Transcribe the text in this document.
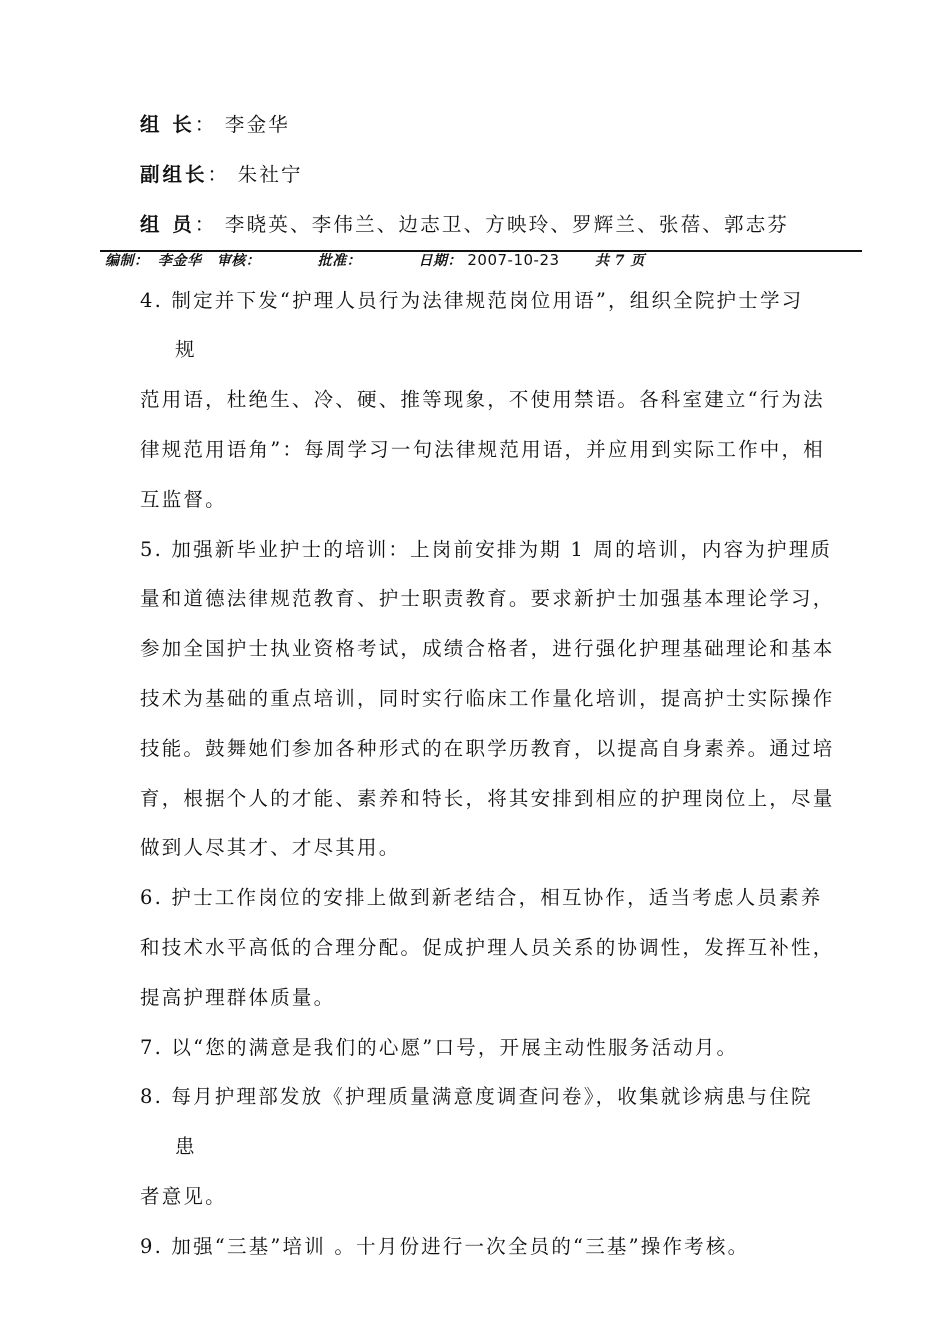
组 长： 李金华
副组长： 朱社宁
组 员： 李晓英、李伟兰、边志卫、方映玲、罗辉兰、张蓓、郭志芬
编制： 李金华 审核：	批准：	日期： 2007-10-23	共 7 页
4. 制定并下发“护理人员行为法律规范岗位用语”，组织全院护士学习
规
范用语，杜绝生、冷、硬、推等现象，不使用禁语。各科室建立“行为法
律规范用语角”：每周学习一句法律规范用语，并应用到实际工作中，相
互监督。
5. 加强新毕业护士的培训：上岗前安排为期 1 周的培训，内容为护理质
量和道德法律规范教育、护士职责教育。要求新护士加强基本理论学习，
参加全国护士执业资格考试，成绩合格者，进行强化护理基础理论和基本
技术为基础的重点培训，同时实行临床工作量化培训，提高护士实际操作
技能。鼓舞她们参加各种形式的在职学历教育，以提高自身素养。通过培
育，根据个人的才能、素养和特长，将其安排到相应的护理岗位上，尽量
做到人尽其才、才尽其用。
6. 护士工作岗位的安排上做到新老结合，相互协作，适当考虑人员素养
和技术水平高低的合理分配。促成护理人员关系的协调性，发挥互补性，
提高护理群体质量。
7. 以“您的满意是我们的心愿”口号，开展主动性服务活动月。
8. 每月护理部发放《护理质量满意度调查问卷》，收集就诊病患与住院
患
者意见。
9. 加强“三基”培训 。十月份进行一次全员的“三基”操作考核。
